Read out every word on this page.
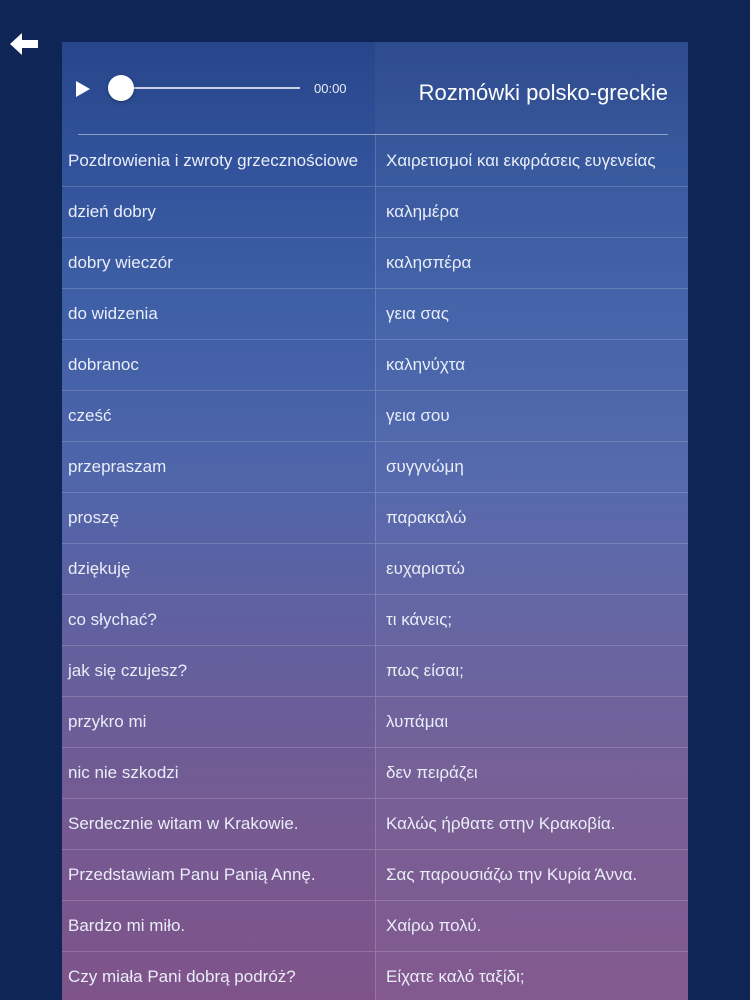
00:00	Rozmówki polsko-greckie
Pozdrowienia i zwroty grzecznościowe	Χαιρετισμοί και εκφράσεις ευγενείας
dzień dobry	καλημέρα
dobry wieczór	καλησπέρα
do widzenia	γεια σας
dobranoc	καληνύχτα
cześć	γεια σου
przepraszam	συγγνώμη
proszę	παρακαλώ
dziękuję	ευχαριστώ
co słychać?	τι κάνεις;
jak się czujesz?	πως είσαι;
przykro mi	λυπάμαι
nic nie szkodzi	δεν πειράζει
Serdecznie witam w Krakowie.	Καλώς ήρθατε στην Κρακοβία.
Przedstawiam Panu Panią Annę.	Σας παρουσιάζω την Κυρία Άννα.
Bardzo mi miło.	Χαίρω πολύ.
Czy miała Pani dobrą podróż?	Είχατε καλό ταξίδι;
